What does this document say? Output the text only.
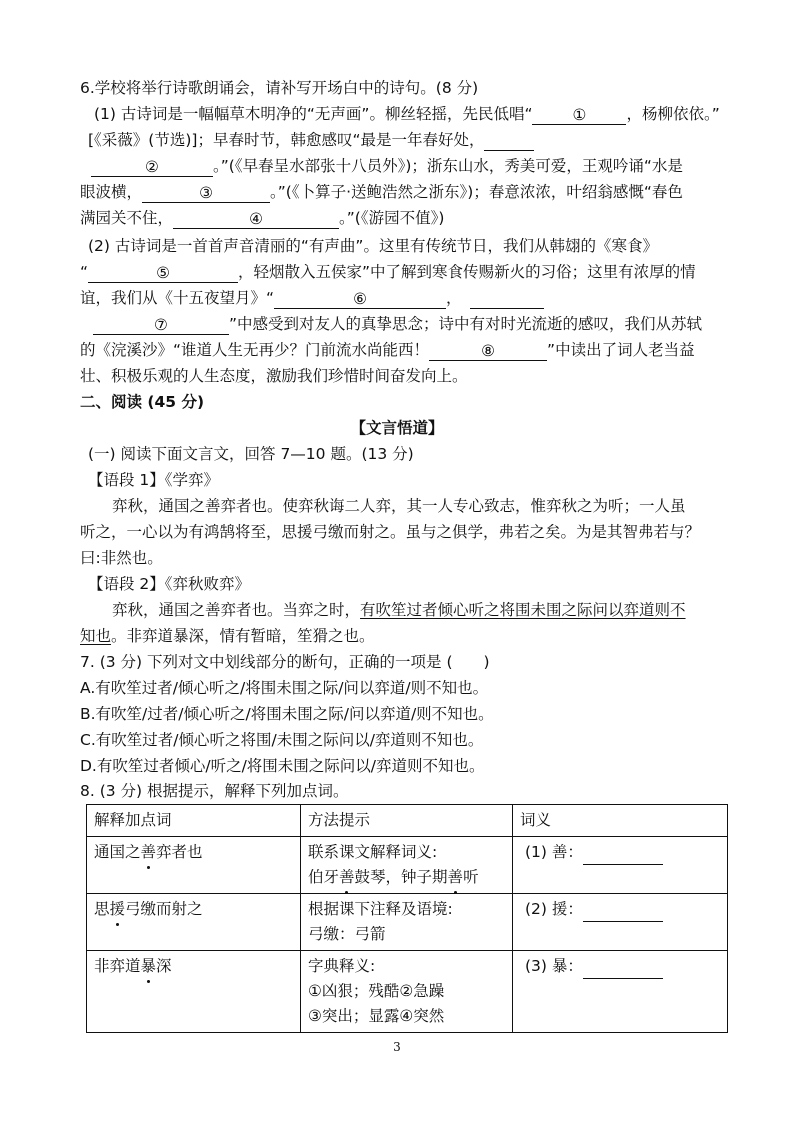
6.学校将举行诗歌朗诵会，请补写开场白中的诗句。(8 分)
(1) 古诗词是一幅幅草木明净的“无声画”。柳丝轻摇，先民低唱“	①	，杨柳依依。”
[《采薇》(节选)]；早春时节，韩愈感叹“最是一年春好处，
②	。”(《早春呈水部张十八员外》)；浙东山水，秀美可爱，王观吟诵“水是
眼波横，	③	。”(《卜算子·送鲍浩然之浙东》)；春意浓浓，叶绍翁感慨“春色
满园关不住，	④	。”(《游园不值》)
(2) 古诗词是一首首声音清丽的“有声曲”。这里有传统节日，我们从韩翃的《寒食》
“	⑤	，轻烟散入五侯家”中了解到寒食传赐新火的习俗；这里有浓厚的情
谊，我们从《十五夜望月》“	⑥	，
⑦	”中感受到对友人的真挚思念；诗中有对时光流逝的感叹，我们从苏轼
的《浣溪沙》“谁道人生无再少？门前流水尚能西！	⑧	”中读出了词人老当益
壮、积极乐观的人生态度，激励我们珍惜时间奋发向上。
二、阅读 (45 分)
【文言悟道】
(一) 阅读下面文言文，回答 7—10 题。(13 分)
【语段 1】《学弈》
弈秋，通国之善弈者也。使弈秋诲二人弈，其一人专心致志，惟弈秋之为听；一人虽
听之，一心以为有鸿鹄将至，思援弓缴而射之。虽与之俱学，弗若之矣。为是其智弗若与？
曰:非然也。
【语段 2】《弈秋败弈》
弈秋，通国之善弈者也。当弈之时，有吹笙过者倾心听之将围未围之际问以弈道则不
知也。非弈道暴深，情有暂暗，笙猾之也。
7. (3 分) 下列对文中划线部分的断句，正确的一项是 (　　)
A.有吹笙过者/倾心听之/将围未围之际/问以弈道/则不知也。
B.有吹笙/过者/倾心听之/将围未围之际/问以弈道/则不知也。
C.有吹笙过者/倾心听之将围/未围之际问以/弈道则不知也。
D.有吹笙过者倾心/听之/将围未围之际问以/弈道则不知也。
8. (3 分) 根据提示，解释下列加点词。
解释加点词	方法提示	词义
通国之善弈者也	联系课文解释词义:
伯牙善鼓琴，钟子期善听	(1) 善：
思援弓缴而射之	根据课下注释及语境:
弓缴：弓箭	(2) 援：
非弈道暴深	字典释义:
①凶狠；残酷②急躁
③突出；显露④突然	(3) 暴：
3
